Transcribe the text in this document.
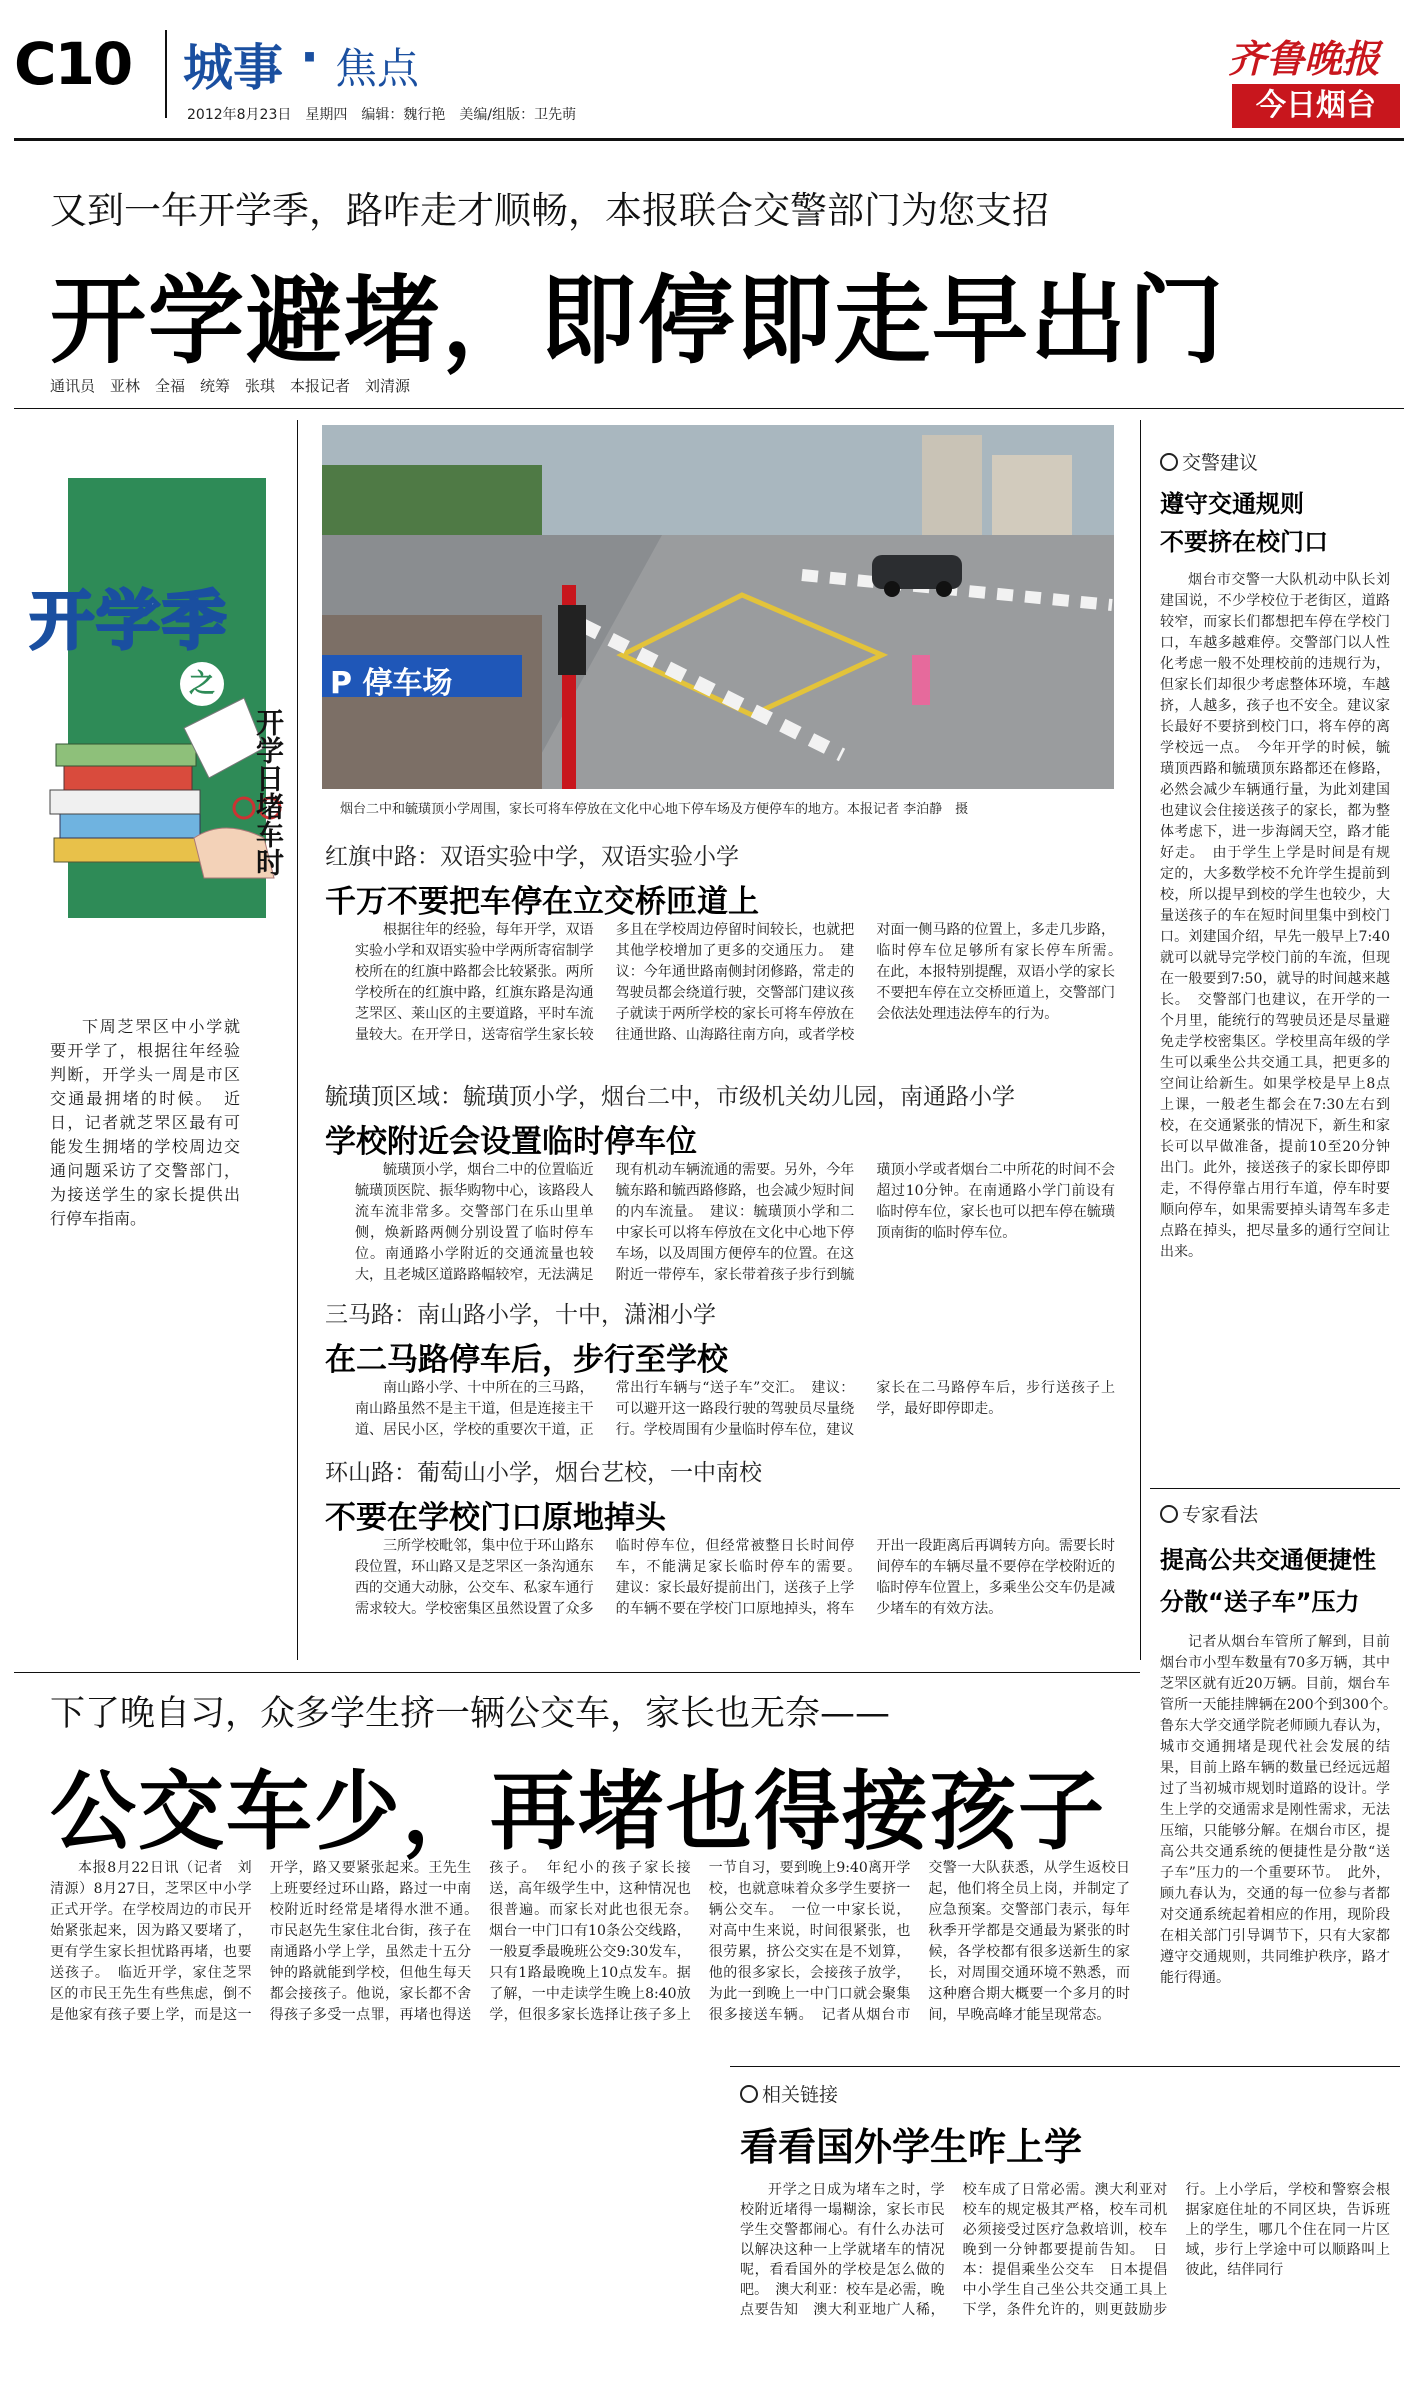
C10 城事 · 焦点
2012年8月23日　星期四　编辑：魏行艳　美编/组版：卫先萌
齐鲁晚报
今日烟台
又到一年开学季，路咋走才顺畅，本报联合交警部门为您支招
开学避堵，即停即走早出门
通讯员　亚林　全福　统筹　张琪　本报记者　刘清源
开学季
之
开学日堵车时

下周芝罘区中小学就要开学了，根据往年经验判断，开学头一周是市区交通最拥堵的时候。　近日，记者就芝罘区最有可能发生拥堵的学校周边交通问题采访了交警部门，为接送学生的家长提供出行停车指南。

P 停车场
烟台二中和毓璜顶小学周围，家长可将车停放在文化中心地下停车场及方便停车的地方。本报记者 李泊静　摄
红旗中路：双语实验中学，双语实验小学
千万不要把车停在立交桥匝道上

根据往年的经验，每年开学，双语实验小学和双语实验中学两所寄宿制学校所在的红旗中路都会比较紧张。两所学校所在的红旗中路，红旗东路是沟通芝罘区、莱山区的主要道路，平时车流量较大。在开学日，送寄宿学生家长较多且在学校周边停留时间较长，也就把其他学校增加了更多的交通压力。　建议：今年通世路南侧封闭修路，常走的驾驶员都会绕道行驶，交警部门建议孩子就读于两所学校的家长可将车停放在往通世路、山海路往南方向，或者学校对面一侧马路的位置上，多走几步路，临时停车位足够所有家长停车所需。　在此，本报特别提醒，双语小学的家长不要把车停在立交桥匝道上，交警部门会依法处理违法停车的行为。

毓璜顶区域：毓璜顶小学，烟台二中，市级机关幼儿园，南通路小学
学校附近会设置临时停车位

毓璜顶小学，烟台二中的位置临近毓璜顶医院、振华购物中心，该路段人流车流非常多。交警部门在乐山里单侧，焕新路两侧分别设置了临时停车位。南通路小学附近的交通流量也较大，且老城区道路路幅较窄，无法满足现有机动车辆流通的需要。另外，今年毓东路和毓西路修路，也会减少短时间的内车流量。　建议：毓璜顶小学和二中家长可以将车停放在文化中心地下停车场，以及周围方便停车的位置。在这附近一带停车，家长带着孩子步行到毓璜顶小学或者烟台二中所花的时间不会超过10分钟。在南通路小学门前设有临时停车位，家长也可以把车停在毓璜顶南街的临时停车位。

三马路：南山路小学，十中，潇湘小学
在二马路停车后，步行至学校

南山路小学、十中所在的三马路，南山路虽然不是主干道，但是连接主干道、居民小区，学校的重要次干道，正常出行车辆与“送子车”交汇。　建议：可以避开这一路段行驶的驾驶员尽量绕行。学校周围有少量临时停车位，建议家长在二马路停车后，步行送孩子上学，最好即停即走。

环山路：葡萄山小学，烟台艺校，一中南校
不要在学校门口原地掉头

三所学校毗邻，集中位于环山路东段位置，环山路又是芝罘区一条沟通东西的交通大动脉，公交车、私家车通行需求较大。学校密集区虽然设置了众多临时停车位，但经常被整日长时间停车，不能满足家长临时停车的需要。　建议：家长最好提前出门，送孩子上学的车辆不要在学校门口原地掉头，将车开出一段距离后再调转方向。需要长时间停车的车辆尽量不要停在学校附近的临时停车位置上，多乘坐公交车仍是减少堵车的有效方法。

交警建议
遵守交通规则
不要挤在校门口

烟台市交警一大队机动中队长刘建国说，不少学校位于老街区，道路较窄，而家长们都想把车停在学校门口，车越多越难停。交警部门以人性化考虑一般不处理校前的违规行为，但家长们却很少考虑整体环境，车越挤，人越多，孩子也不安全。建议家长最好不要挤到校门口，将车停的离学校远一点。　今年开学的时候，毓璜顶西路和毓璜顶东路都还在修路，必然会减少车辆通行量，为此刘建国也建议会住接送孩子的家长，都为整体考虑下，进一步海阔天空，路才能好走。　由于学生上学是时间是有规定的，大多数学校不允许学生提前到校，所以提早到校的学生也较少，大量送孩子的车在短时间里集中到校门口。刘建国介绍，早先一般早上7:40就可以就导完学校门前的车流，但现在一般要到7:50，就导的时间越来越长。　交警部门也建议，在开学的一个月里，能统行的驾驶员还是尽量避免走学校密集区。学校里高年级的学生可以乘坐公共交通工具，把更多的空间让给新生。如果学校是早上8点上课，一般老生都会在7:30左右到校，在交通紧张的情况下，新生和家长可以早做准备，提前10至20分钟出门。此外，接送孩子的家长即停即走，不得停靠占用行车道，停车时要顺向停车，如果需要掉头请驾车多走点路在掉头，把尽量多的通行空间让出来。

专家看法
提高公共交通便捷性
分散“送子车”压力

记者从烟台车管所了解到，目前烟台市小型车数量有70多万辆，其中芝罘区就有近20万辆。目前，烟台车管所一天能挂牌辆在200个到300个。　鲁东大学交通学院老师顾九春认为，城市交通拥堵是现代社会发展的结果，目前上路车辆的数量已经远远超过了当初城市规划时道路的设计。学生上学的交通需求是刚性需求，无法压缩，只能够分解。在烟台市区，提高公共交通系统的便捷性是分散“送子车”压力的一个重要环节。　此外，顾九春认为，交通的每一位参与者都对交通系统起着相应的作用，现阶段在相关部门引导调节下，只有大家都遵守交通规则，共同维护秩序，路才能行得通。

下了晚自习，众多学生挤一辆公交车，家长也无奈——
公交车少，再堵也得接孩子

本报8月22日讯（记者　刘清源）8月27日，芝罘区中小学正式开学。在学校周边的市民开始紧张起来，因为路又要堵了，更有学生家长担忧路再堵，也要送孩子。　临近开学，家住芝罘区的市民王先生有些焦虑，倒不是他家有孩子要上学，而是这一开学，路又要紧张起来。王先生上班要经过环山路，路过一中南校附近时经常是堵得水泄不通。　市民赵先生家住北台街，孩子在南通路小学上学，虽然走十五分钟的路就能到学校，但他生每天都会接孩子。他说，家长都不舍得孩子多受一点罪，再堵也得送孩子。　年纪小的孩子家长接送，高年级学生中，这种情况也很普遍。而家长对此也很无奈。　烟台一中门口有10条公交线路，一般夏季最晚班公交9:30发车，只有1路最晚晚上10点发车。据了解，一中走读学生晚上8:40放学，但很多家长选择让孩子多上一节自习，要到晚上9:40离开学校，也就意味着众多学生要挤一辆公交车。　一位一中家长说，对高中生来说，时间很紧张，也很劳累，挤公交实在是不划算，他的很多家长，会接孩子放学，为此一到晚上一中门口就会聚集很多接送车辆。　记者从烟台市交警一大队获悉，从学生返校日起，他们将全员上岗，并制定了应急预案。交警部门表示，每年秋季开学都是交通最为紧张的时候，各学校都有很多送新生的家长，对周围交通环境不熟悉，而这种磨合期大概要一个多月的时间，早晚高峰才能呈现常态。

相关链接
看看国外学生咋上学

开学之日成为堵车之时，学校附近堵得一塌糊涂，家长市民学生交警都闹心。有什么办法可以解决这种一上学就堵车的情况呢，看看国外的学校是怎么做的吧。　澳大利亚：校车是必需，晚点要告知　澳大利亚地广人稀，校车成了日常必需。澳大利亚对校车的规定极其严格，校车司机必须接受过医疗急救培训，校车晚到一分钟都要提前告知。　日本：提倡乘坐公交车　日本提倡中小学生自己坐公共交通工具上下学，条件允许的，则更鼓励步行。上小学后，学校和警察会根据家庭住址的不同区块，告诉班上的学生，哪几个住在同一片区域，步行上学途中可以顺路叫上彼此，结伴同行
